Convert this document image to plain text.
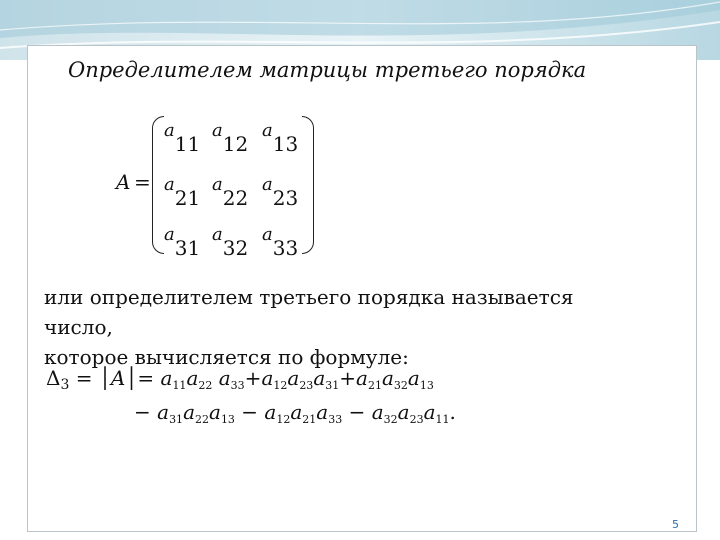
Определителем матрицы третьего порядка
A =
a11
a12
a13
a21
a22
a23
a31
a32
a33
или определителем третьего порядка называется
число,
которое вычисляется по формуле:
$\Delta_3$ = │A│= $a_{11}a_{22}$ $a_{33}+a_{12}a_{23}a_{31}+a_{21}a_{32}a_{13}$
− $a_{31}a_{22}a_{13} - a_{12}a_{21}a_{33} - a_{32}a_{23}a_{11}$.
5
